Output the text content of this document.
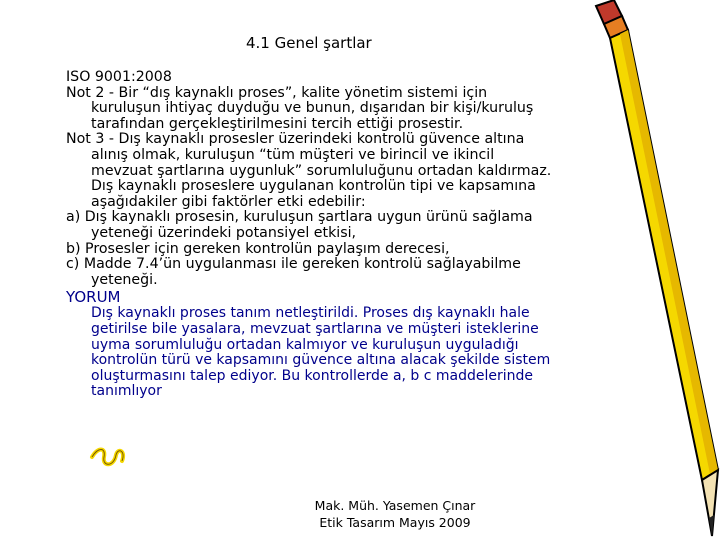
4.1 Genel şartlar
ISO 9001:2008
Not 2 - Bir “dış kaynaklı proses”, kalite yönetim sistemi için
kuruluşun ihtiyaç duyduğu ve bunun, dışarıdan bir kişi/kuruluş
tarafından gerçekleştirilmesini tercih ettiği prosestir.
Not 3 - Dış kaynaklı prosesler üzerindeki kontrolü güvence altına
alınış olmak, kuruluşun “tüm müşteri ve birincil ve ikincil
mevzuat şartlarına uygunluk” sorumluluğunu ortadan kaldırmaz.
Dış kaynaklı proseslere uygulanan kontrolün tipi ve kapsamına
aşağıdakiler gibi faktörler etki edebilir:
a) Dış kaynaklı prosesin, kuruluşun şartlara uygun ürünü sağlama
yeteneği üzerindeki potansiyel etkisi,
b) Prosesler için gereken kontrolün paylaşım derecesi,
c) Madde 7.4’ün uygulanması ile gereken kontrolü sağlayabilme
yeteneği.
YORUM
Dış kaynaklı proses tanım netleştirildi. Proses dış kaynaklı hale
getirilse bile yasalara, mevzuat şartlarına ve müşteri isteklerine
uyma sorumluluğu ortadan kalmıyor ve kuruluşun uyguladığı
kontrolün türü ve kapsamını güvence altına alacak şekilde sistem
oluşturmasını talep ediyor. Bu kontrollerde a, b c maddelerinde
tanımlıyor
Mak. Müh. Yasemen Çınar
Etik Tasarım Mayıs 2009
